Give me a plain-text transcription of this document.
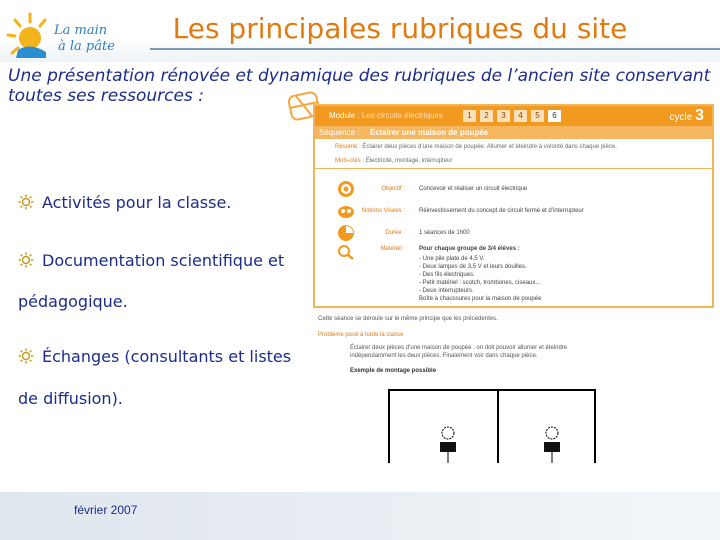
La main
à la pâte
Les principales rubriques du site
Une présentation rénovée et dynamique des rubriques de l’ancien site conservant toutes ses ressources :
Activités pour la classe.
Documentation scientifique et
pédagogique.
Échanges (consultants et listes
de diffusion).
Module : Les circuits électriques	1 2 3 4 5 6	cycle 3
Séquence : Éclairer une maison de poupée
Résumé : Éclairer deux pièces d’une maison de poupée. Allumer et éteindre à volonté dans chaque pièce.
Mots-clés : Électricité, montage, interrupteur
Objectif : Concevoir et réaliser un circuit électrique
Notions Visées : Réinvestissement du concept de circuit fermé et d’interrupteur
Durée : 1 séances de 1h00
Matériel : Pour chaque groupe de 3/4 élèves :
- Une pile plate de 4,5 V.
- Deux lampes de 3,5 V et leurs douilles.
- Des fils électriques.
- Petit matériel : scotch, trombones, ciseaux...
- Deux interrupteurs.
Boîte à chaussures pour la maison de poupée
Cette séance se déroule sur le même principe que les précédentes.
Problème posé à toute la classe
Éclairer deux pièces d’une maison de poupée : on doit pouvoir allumer et éteindre indépendamment les deux pièces. Finalement voir dans chaque pièce.
Exemple de montage possible
février 2007
